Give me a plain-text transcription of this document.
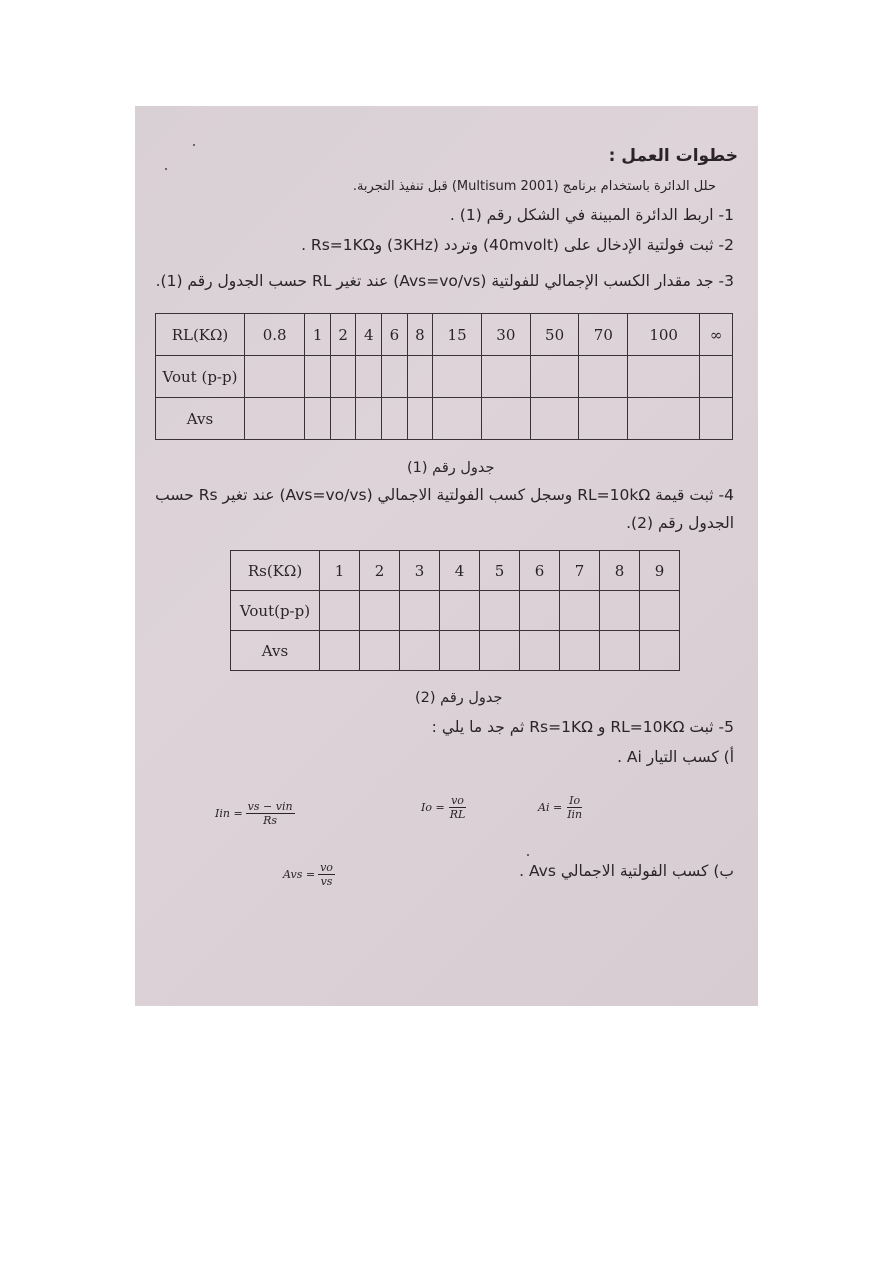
خطوات العمل :
حلل الدائرة باستخدام برنامج (Multisum 2001) قبل تنفيذ التجربة.
1- اربط الدائرة المبينة في الشكل رقم (1) .
2- ثبت فولتية الإدخال على (40mvolt) وتردد (3KHz) وRs=1KΩ .
3- جد مقدار الكسب الإجمالي للفولتية (Avs=vo/vs) عند تغير RL حسب الجدول رقم (1).
RL(KΩ)	0.8	1	2	4	6	8	15	30	50	70	100	∞
Vout (p-p)												
Avs												
جدول رقم (1)
4- ثبت قيمة RL=10kΩ وسجل كسب الفولتية الاجمالي (Avs=vo/vs) عند تغير Rs حسب
الجدول رقم (2).
Rs(KΩ)	1	2	3	4	5	6	7	8	9
Vout(p-p)									
Avs									
جدول رقم (2)
5- ثبت RL=10KΩ و Rs=1KΩ ثم جد ما يلي :
أ) كسب التيار Ai .
Iin = $\frac{\text{vs − vin}}{Rs}$	$Io = \frac{vo}{RL}$	$Ai = \frac{Io}{\text{Iin}}$
ب) كسب الفولتية الاجمالي Avs .
Avs = $\frac{vo}{vs}$
